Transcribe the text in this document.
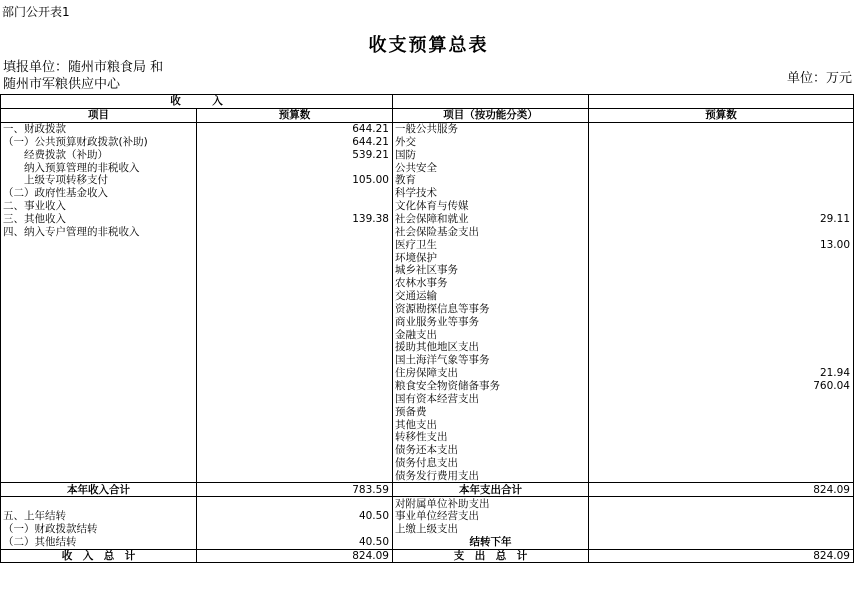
部门公开表1
收支预算总表
填报单位：随州市粮食局 和
随州市军粮供应中心	单位：万元
收　　　入			
项目	预算数	项目（按功能分类）	预算数
一、财政拨款	644.21	一般公共服务	
（一）公共预算财政拨款(补助)	644.21	外交	
　　经费拨款（补助）	539.21	国防	
　　纳入预算管理的非税收入		公共安全	
　　上级专项转移支付	105.00	教育	
（二）政府性基金收入		科学技术	
二、事业收入		文化体育与传媒	
三、其他收入	139.38	社会保障和就业	29.11
四、纳入专户管理的非税收入		社会保险基金支出	
		医疗卫生	13.00
		环境保护	
		城乡社区事务	
		农林水事务	
		交通运输	
		资源勘探信息等事务	
		商业服务业等事务	
		金融支出	
		援助其他地区支出	
		国土海洋气象等事务	
		住房保障支出	21.94
		粮食安全物资储备事务	760.04
		国有资本经营支出	
		预备费	
		其他支出	
		转移性支出	
		债务还本支出	
		债务付息支出	
		债务发行费用支出	
本年收入合计	783.59	本年支出合计	824.09
		对附属单位补助支出	
五、上年结转	40.50	事业单位经营支出	
（一）财政拨款结转		上缴上级支出	
（二）其他结转	40.50	结转下年	
收　入　总　计	824.09	支　出　总　计	824.09
